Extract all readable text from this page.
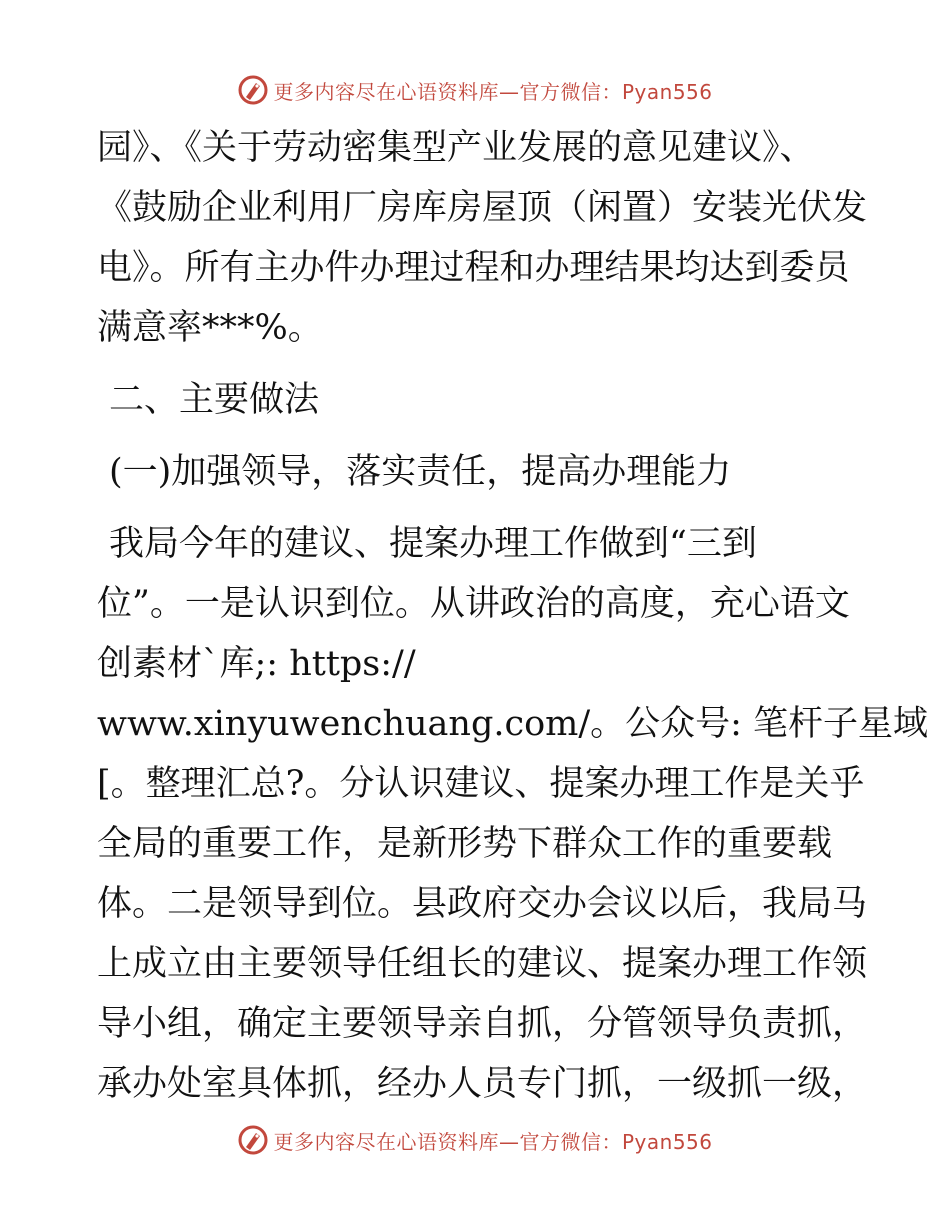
更多内容尽在心语资料库—官方微信：Pyan556
园》、《关于劳动密集型产业发展的意见建议》、
《鼓励企业利用厂房库房屋顶（闲置）安装光伏发
电》。所有主办件办理过程和办理结果均达到委员
满意率***%。
二、主要做法
(一)加强领导，落实责任，提高办理能力
我局今年的建议、提案办理工作做到“三到
位”。一是认识到位。从讲政治的高度，充心语文
创素材`库;: https://
www.xinyuwenchuang.com/。公众号: 笔杆子星域
[。整理汇总?。分认识建议、提案办理工作是关乎
全局的重要工作，是新形势下群众工作的重要载
体。二是领导到位。县政府交办会议以后，我局马
上成立由主要领导任组长的建议、提案办理工作领
导小组，确定主要领导亲自抓，分管领导负责抓，
承办处室具体抓，经办人员专门抓，一级抓一级，
更多内容尽在心语资料库—官方微信：Pyan556
